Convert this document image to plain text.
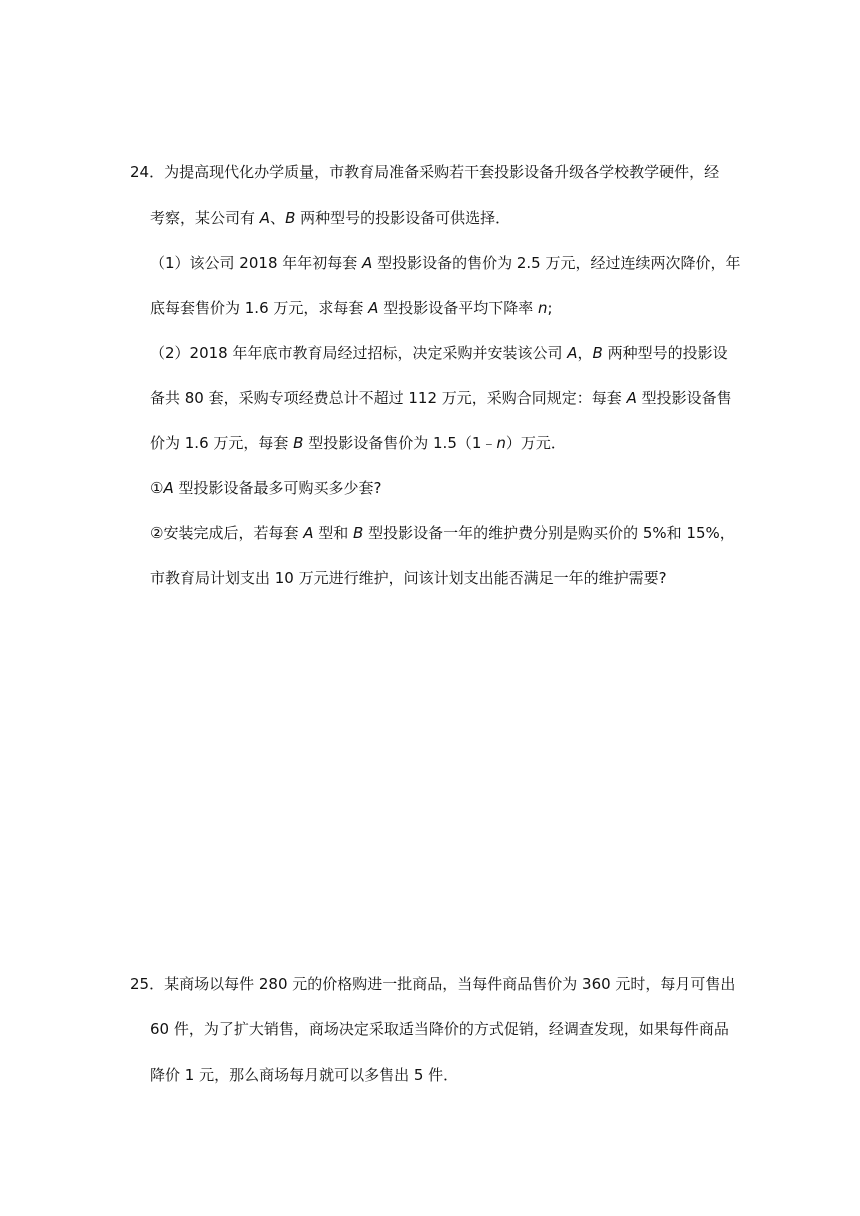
24．为提高现代化办学质量，市教育局准备采购若干套投影设备升级各学校教学硬件，经
考察，某公司有 A、B 两种型号的投影设备可供选择．
（1）该公司 2018 年年初每套 A 型投影设备的售价为 2.5 万元，经过连续两次降价，年
底每套售价为 1.6 万元，求每套 A 型投影设备平均下降率 n;
（2）2018 年年底市教育局经过招标，决定采购并安装该公司 A，B 两种型号的投影设
备共 80 套，采购专项经费总计不超过 112 万元，采购合同规定：每套 A 型投影设备售
价为 1.6 万元，每套 B 型投影设备售价为 1.5（1﹣n）万元．
①A 型投影设备最多可购买多少套?
②安装完成后，若每套 A 型和 B 型投影设备一年的维护费分别是购买价的 5%和 15%，
市教育局计划支出 10 万元进行维护，问该计划支出能否满足一年的维护需要?
25．某商场以每件 280 元的价格购进一批商品，当每件商品售价为 360 元时，每月可售出
60 件，为了扩大销售，商场决定采取适当降价的方式促销，经调查发现，如果每件商品
降价 1 元，那么商场每月就可以多售出 5 件．
